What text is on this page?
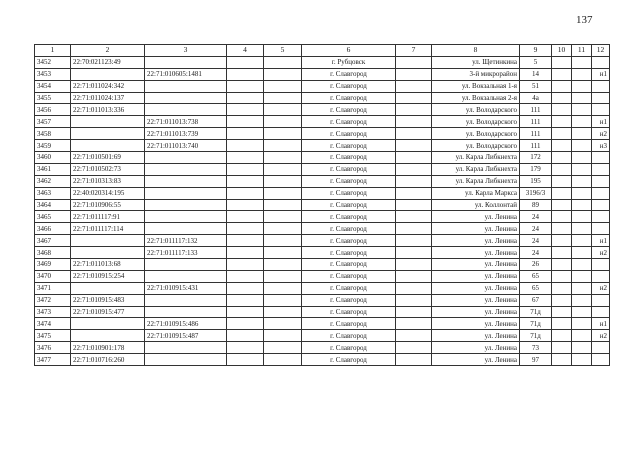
137
1	2	3	4	5	6	7	8	9	10	11	12
3452	22:70:021123:49				г. Рубцовск		ул. Щетинкина	5			
3453		22:71:010605:1481			г. Славгород		3-й микрорайон	14			н1
3454	22:71:011024:342				г. Славгород		ул. Вокзальная 1-я	51			
3455	22:71:011024:137				г. Славгород		ул. Вокзальная 2-я	4а			
3456	22:71:011013:336				г. Славгород		ул. Володарского	111			
3457		22:71:011013:738			г. Славгород		ул. Володарского	111			н1
3458		22:71:011013:739			г. Славгород		ул. Володарского	111			н2
3459		22:71:011013:740			г. Славгород		ул. Володарского	111			н3
3460	22:71:010501:69				г. Славгород		ул. Карла Либкнехта	172			
3461	22:71:010502:73				г. Славгород		ул. Карла Либкнехта	179			
3462	22:71:010313:83				г. Славгород		ул. Карла Либкнехта	195			
3463	22:40:020314:195				г. Славгород		ул. Карла Маркса	3196/3			
3464	22:71:010906:55				г. Славгород		ул. Коллонтай	89			
3465	22:71:011117:91				г. Славгород		ул. Ленина	24			
3466	22:71:011117:114				г. Славгород		ул. Ленина	24			
3467		22:71:011117:132			г. Славгород		ул. Ленина	24			н1
3468		22:71:011117:133			г. Славгород		ул. Ленина	24			н2
3469	22:71:011013:68				г. Славгород		ул. Ленина	26			
3470	22:71:010915:254				г. Славгород		ул. Ленина	65			
3471		22:71:010915:431			г. Славгород		ул. Ленина	65			н2
3472	22:71:010915:483				г. Славгород		ул. Ленина	67			
3473	22:71:010915:477				г. Славгород		ул. Ленина	71д			
3474		22:71:010915:486			г. Славгород		ул. Ленина	71д			н1
3475		22:71:010915:487			г. Славгород		ул. Ленина	71д			н2
3476	22:71:010901:178				г. Славгород		ул. Ленина	73			
3477	22:71:010716:260				г. Славгород		ул. Ленина	97			
